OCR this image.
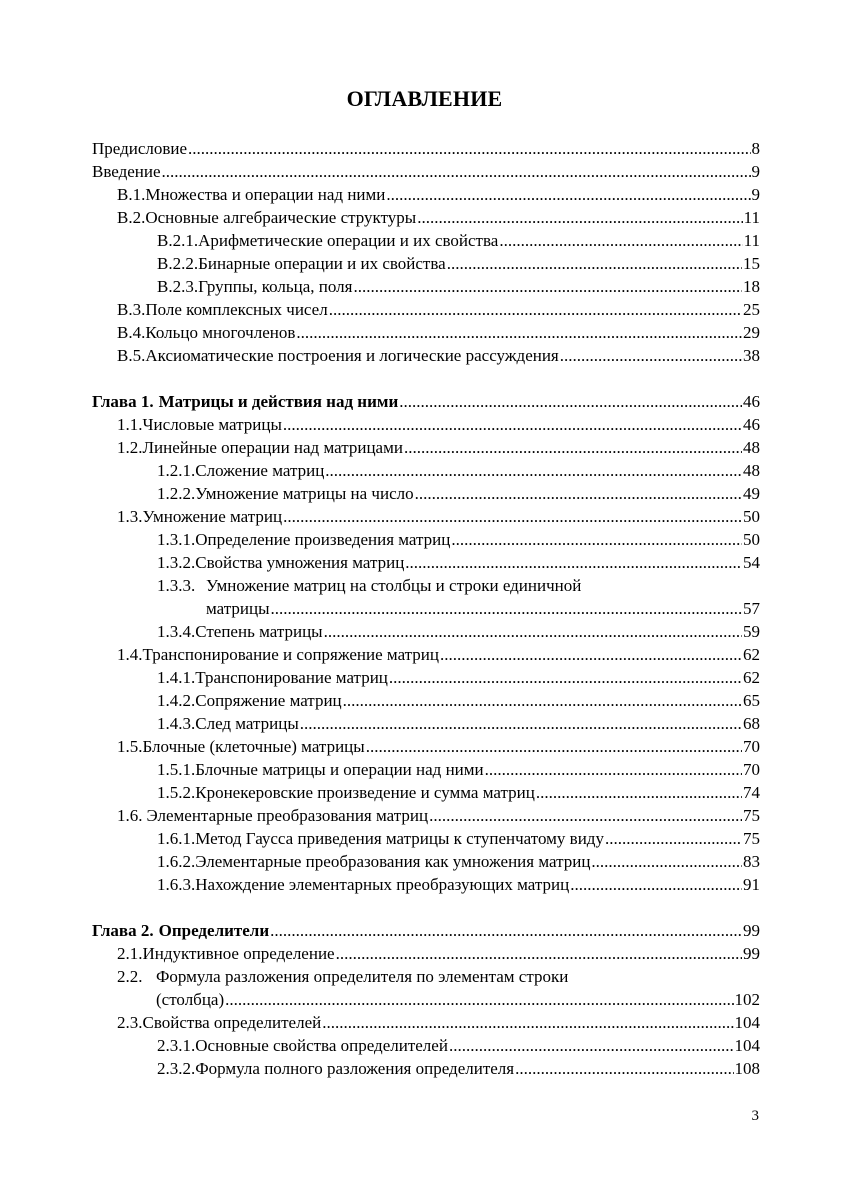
ОГЛАВЛЕНИЕ
Предисловие .....	8
Введение .....	9
В.1. Множества и операции над ними .....	9
В.2. Основные алгебраические структуры .....	11
В.2.1. Арифметические операции и их свойства .....	11
В.2.2. Бинарные операции и их свойства .....	15
В.2.3. Группы, кольца, поля .....	18
В.3. Поле комплексных чисел .....	25
В.4. Кольцо многочленов .....	29
В.5. Аксиоматические построения и логические рассуждения .....	38
Глава 1. Матрицы и действия над ними .....	46
1.1. Числовые матрицы .....	46
1.2. Линейные операции над матрицами .....	48
1.2.1. Сложение матриц .....	48
1.2.2. Умножение матрицы на число .....	49
1.3. Умножение матриц .....	50
1.3.1. Определение произведения матриц .....	50
1.3.2. Свойства умножения матриц .....	54
1.3.3. Умножение матриц на столбцы и строки единичной
матрицы .....	57
1.3.4. Степень матрицы .....	59
1.4. Транспонирование и сопряжение матриц .....	62
1.4.1. Транспонирование матриц .....	62
1.4.2. Сопряжение матриц .....	65
1.4.3. След матрицы .....	68
1.5. Блочные (клеточные) матрицы .....	70
1.5.1. Блочные матрицы и операции над ними .....	70
1.5.2. Кронекеровские произведение и сумма матриц .....	74
1.6. Элементарные преобразования матриц .....	75
1.6.1. Метод Гаусса приведения матрицы к ступенчатому виду .....	75
1.6.2. Элементарные преобразования как умножения матриц .....	83
1.6.3. Нахождение элементарных преобразующих матриц .....	91
Глава 2. Определители .....	99
2.1. Индуктивное определение .....	99
2.2. Формула разложения определителя по элементам строки
(столбца) .....	102
2.3. Свойства определителей .....	104
2.3.1. Основные свойства определителей .....	104
2.3.2. Формула полного разложения определителя .....	108
3
